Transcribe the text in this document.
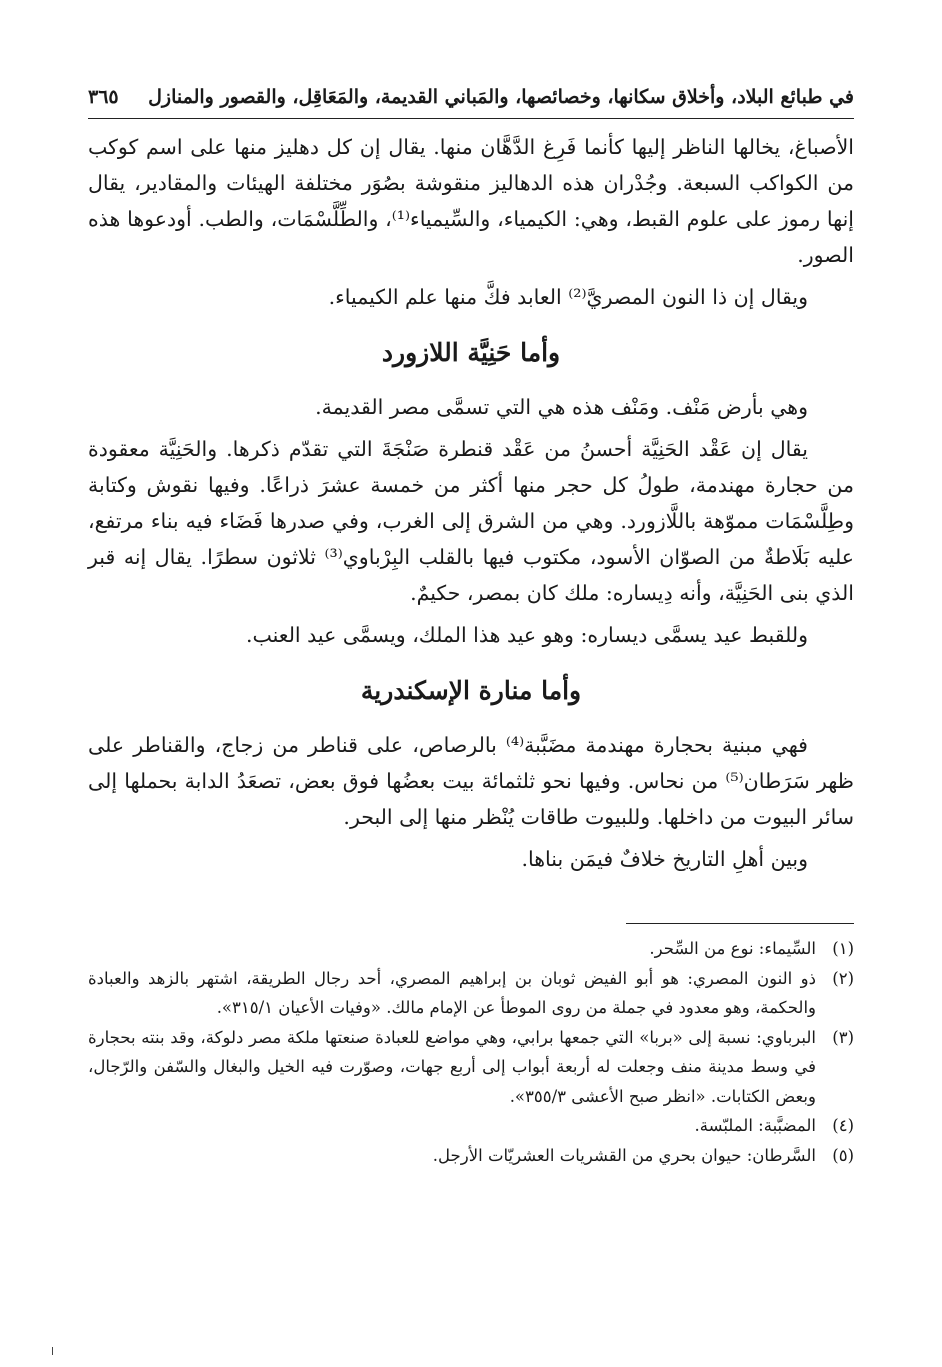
في طبائع البلاد، وأخلاق سكانها، وخصائصها، والمَباني القديمة، والمَعَاقِل، والقصور والمنازل
٣٦٥

الأصباغ، يخالها الناظر إليها كأنما فَرِغ الدَّهَّان منها. يقال إن كل دهليز منها على اسم كوكب من الكواكب السبعة. وجُدْران هذه الدهاليز منقوشة بصُوَر مختلفة الهيئات والمقادير، يقال إنها رموز على علوم القبط، وهي: الكيمياء، والسِّيمياء⁽¹⁾، والطِّلَّسْمَات، والطب. أودعوها هذه الصور.

ويقال إن ذا النون المصريَّ⁽²⁾ العابد فكَّ منها علم الكيمياء.

وأما حَنِيَّة اللازورد

وهي بأرض مَنْف. ومَنْف هذه هي التي تسمَّى مصر القديمة.

يقال إن عَقْد الحَنِيَّة أحسنُ من عَقْد قنطرة صَنْجَةَ التي تقدّم ذكرها. والحَنِيَّة معقودة من حجارة مهندمة، طولُ كل حجر منها أكثر من خمسة عشرَ ذراعًا. وفيها نقوش وكتابة وطِلَّسْمَات مموّهة باللَّازورد. وهي من الشرق إلى الغرب، وفي صدرها فَضَاء فيه بناء مرتفع، عليه بَلَاطةٌ من الصوّان الأسود، مكتوب فيها بالقلب البِرْباوي⁽³⁾ ثلاثون سطرًا. يقال إنه قبر الذي بنى الحَنِيَّة، وأنه دِيساره: ملك كان بمصر، حكيمٌ.

وللقبط عيد يسمَّى ديساره: وهو عيد هذا الملك، ويسمَّى عيد العنب.

وأما منارة الإسكندرية

فهي مبنية بحجارة مهندمة مضَبَّبة⁽⁴⁾ بالرصاص، على قناطر من زجاج، والقناطر على ظهر سَرَطان⁽⁵⁾ من نحاس. وفيها نحو ثلثمائة بيت بعضُها فوق بعض، تصعَدُ الدابة بحملها إلى سائر البيوت من داخلها. وللبيوت طاقات يُنْظر منها إلى البحر.

وبين أهلِ التاريخ خلافٌ فيمَن بناها.

(١)
السِّيماء: نوع من السِّحر.
(٢)
ذو النون المصري: هو أبو الفيض ثوبان بن إبراهيم المصري، أحد رجال الطريقة، اشتهر بالزهد والعبادة والحكمة، وهو معدود في جملة من روى الموطأ عن الإمام مالك. «وفيات الأعيان ٣١٥/١».
(٣)
البرباوي: نسبة إلى «بربا» التي جمعها برابي، وهي مواضع للعبادة صنعتها ملكة مصر دلوكة، وقد بنته بحجارة في وسط مدينة منف وجعلت له أربعة أبواب إلى أربع جهات، وصوّرت فيه الخيل والبغال والسّفن والرّجال، وبعض الكتابات. «انظر صبح الأعشى ٣٥٥/٣».
(٤)
المضبَّبة: الملبّسة.
(٥)
السَّرطان: حيوان بحري من القشريات العشريّات الأرجل.
